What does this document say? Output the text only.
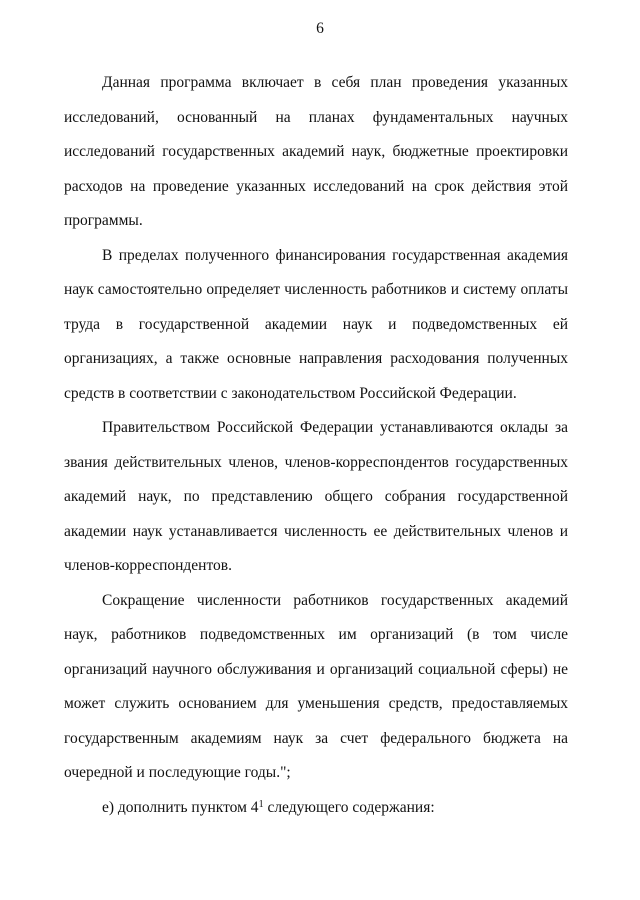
6

Данная программа включает в себя план проведения указанных исследований, основанный на планах фундаментальных научных исследований государственных академий наук, бюджетные проектировки расходов на проведение указанных исследований на срок действия этой программы.

В пределах полученного финансирования государственная академия наук самостоятельно определяет численность работников и систему оплаты труда в государственной академии наук и подведомственных ей организациях, а также основные направления расходования полученных средств в соответствии с законодательством Российской Федерации.

Правительством Российской Федерации устанавливаются оклады за звания действительных членов, членов-корреспондентов государственных академий наук, по представлению общего собрания государственной академии наук устанавливается численность ее действительных членов и членов-корреспондентов.

Сокращение численности работников государственных академий наук, работников подведомственных им организаций (в том числе организаций научного обслуживания и организаций социальной сферы) не может служить основанием для уменьшения средств, предоставляемых государственным академиям наук за счет федерального бюджета на очередной и последующие годы.";

е) дополнить пунктом $4^1$ следующего содержания:
